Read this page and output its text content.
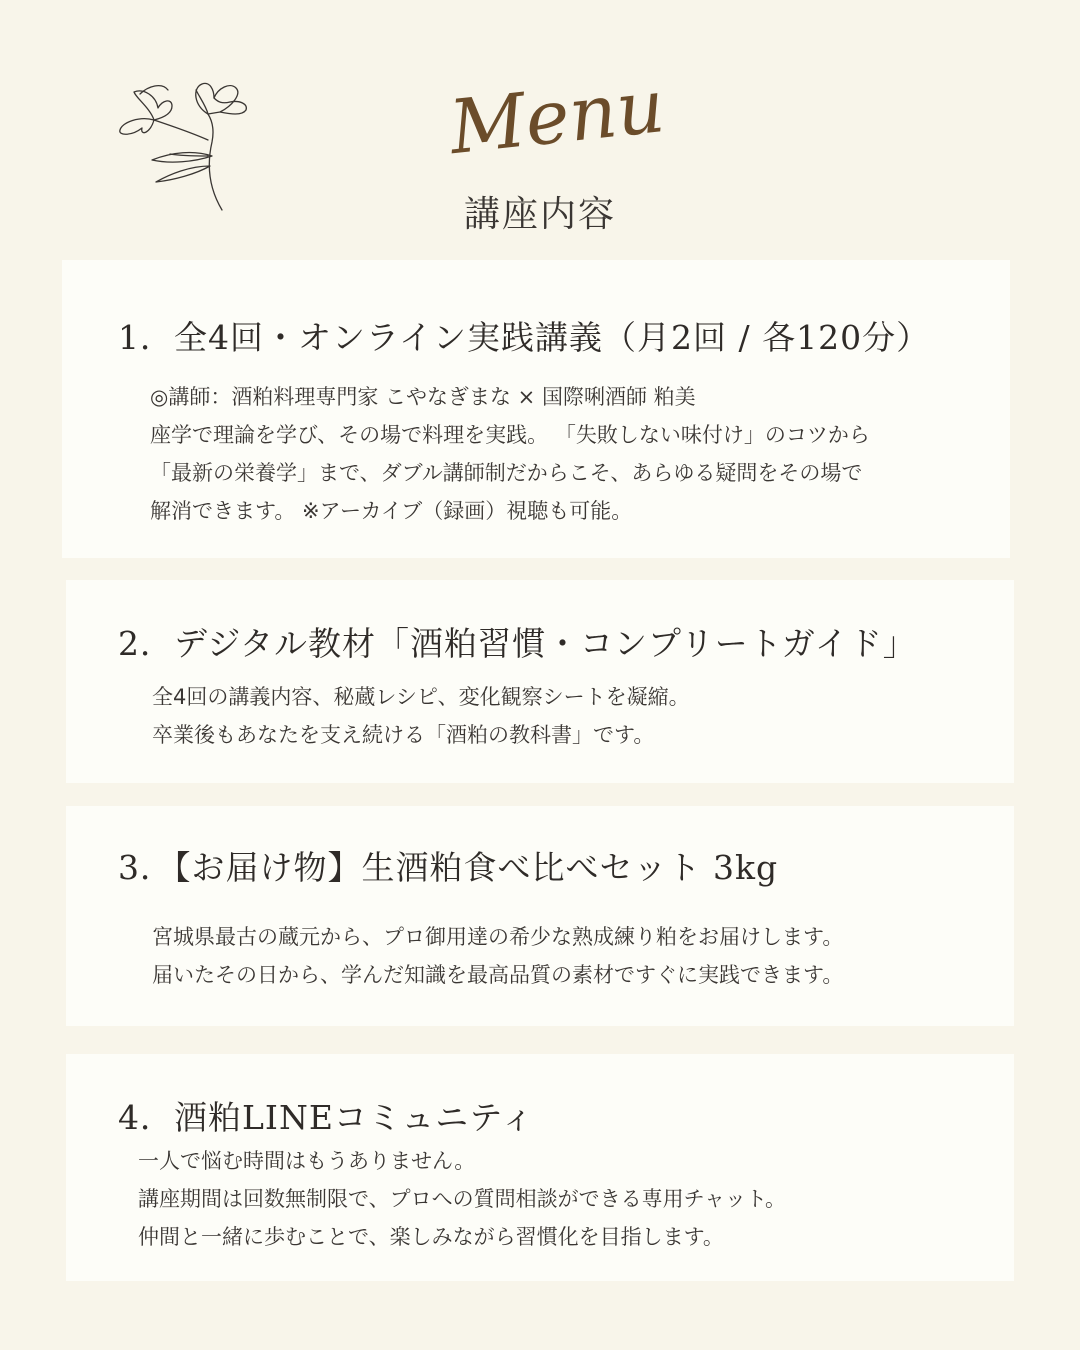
Menu
講座内容
1．全4回・オンライン実践講義（月2回 / 各120分）
◎講師：酒粕料理専門家 こやなぎまな × 国際唎酒師 粕美
座学で理論を学び、その場で料理を実践。 「失敗しない味付け」のコツから
「最新の栄養学」まで、ダブル講師制だからこそ、あらゆる疑問をその場で
解消できます。 ※アーカイブ（録画）視聴も可能。
2．デジタル教材「酒粕習慣・コンプリートガイド」
全4回の講義内容、秘蔵レシピ、変化観察シートを凝縮。
卒業後もあなたを支え続ける「酒粕の教科書」です。
3．【お届け物】生酒粕食べ比べセット 3kg
宮城県最古の蔵元から、プロ御用達の希少な熟成練り粕をお届けします。
届いたその日から、学んだ知識を最高品質の素材ですぐに実践できます。
4．酒粕LINEコミュニティ
一人で悩む時間はもうありません。
講座期間は回数無制限で、プロへの質問相談ができる専用チャット。
仲間と一緒に歩むことで、楽しみながら習慣化を目指します。
